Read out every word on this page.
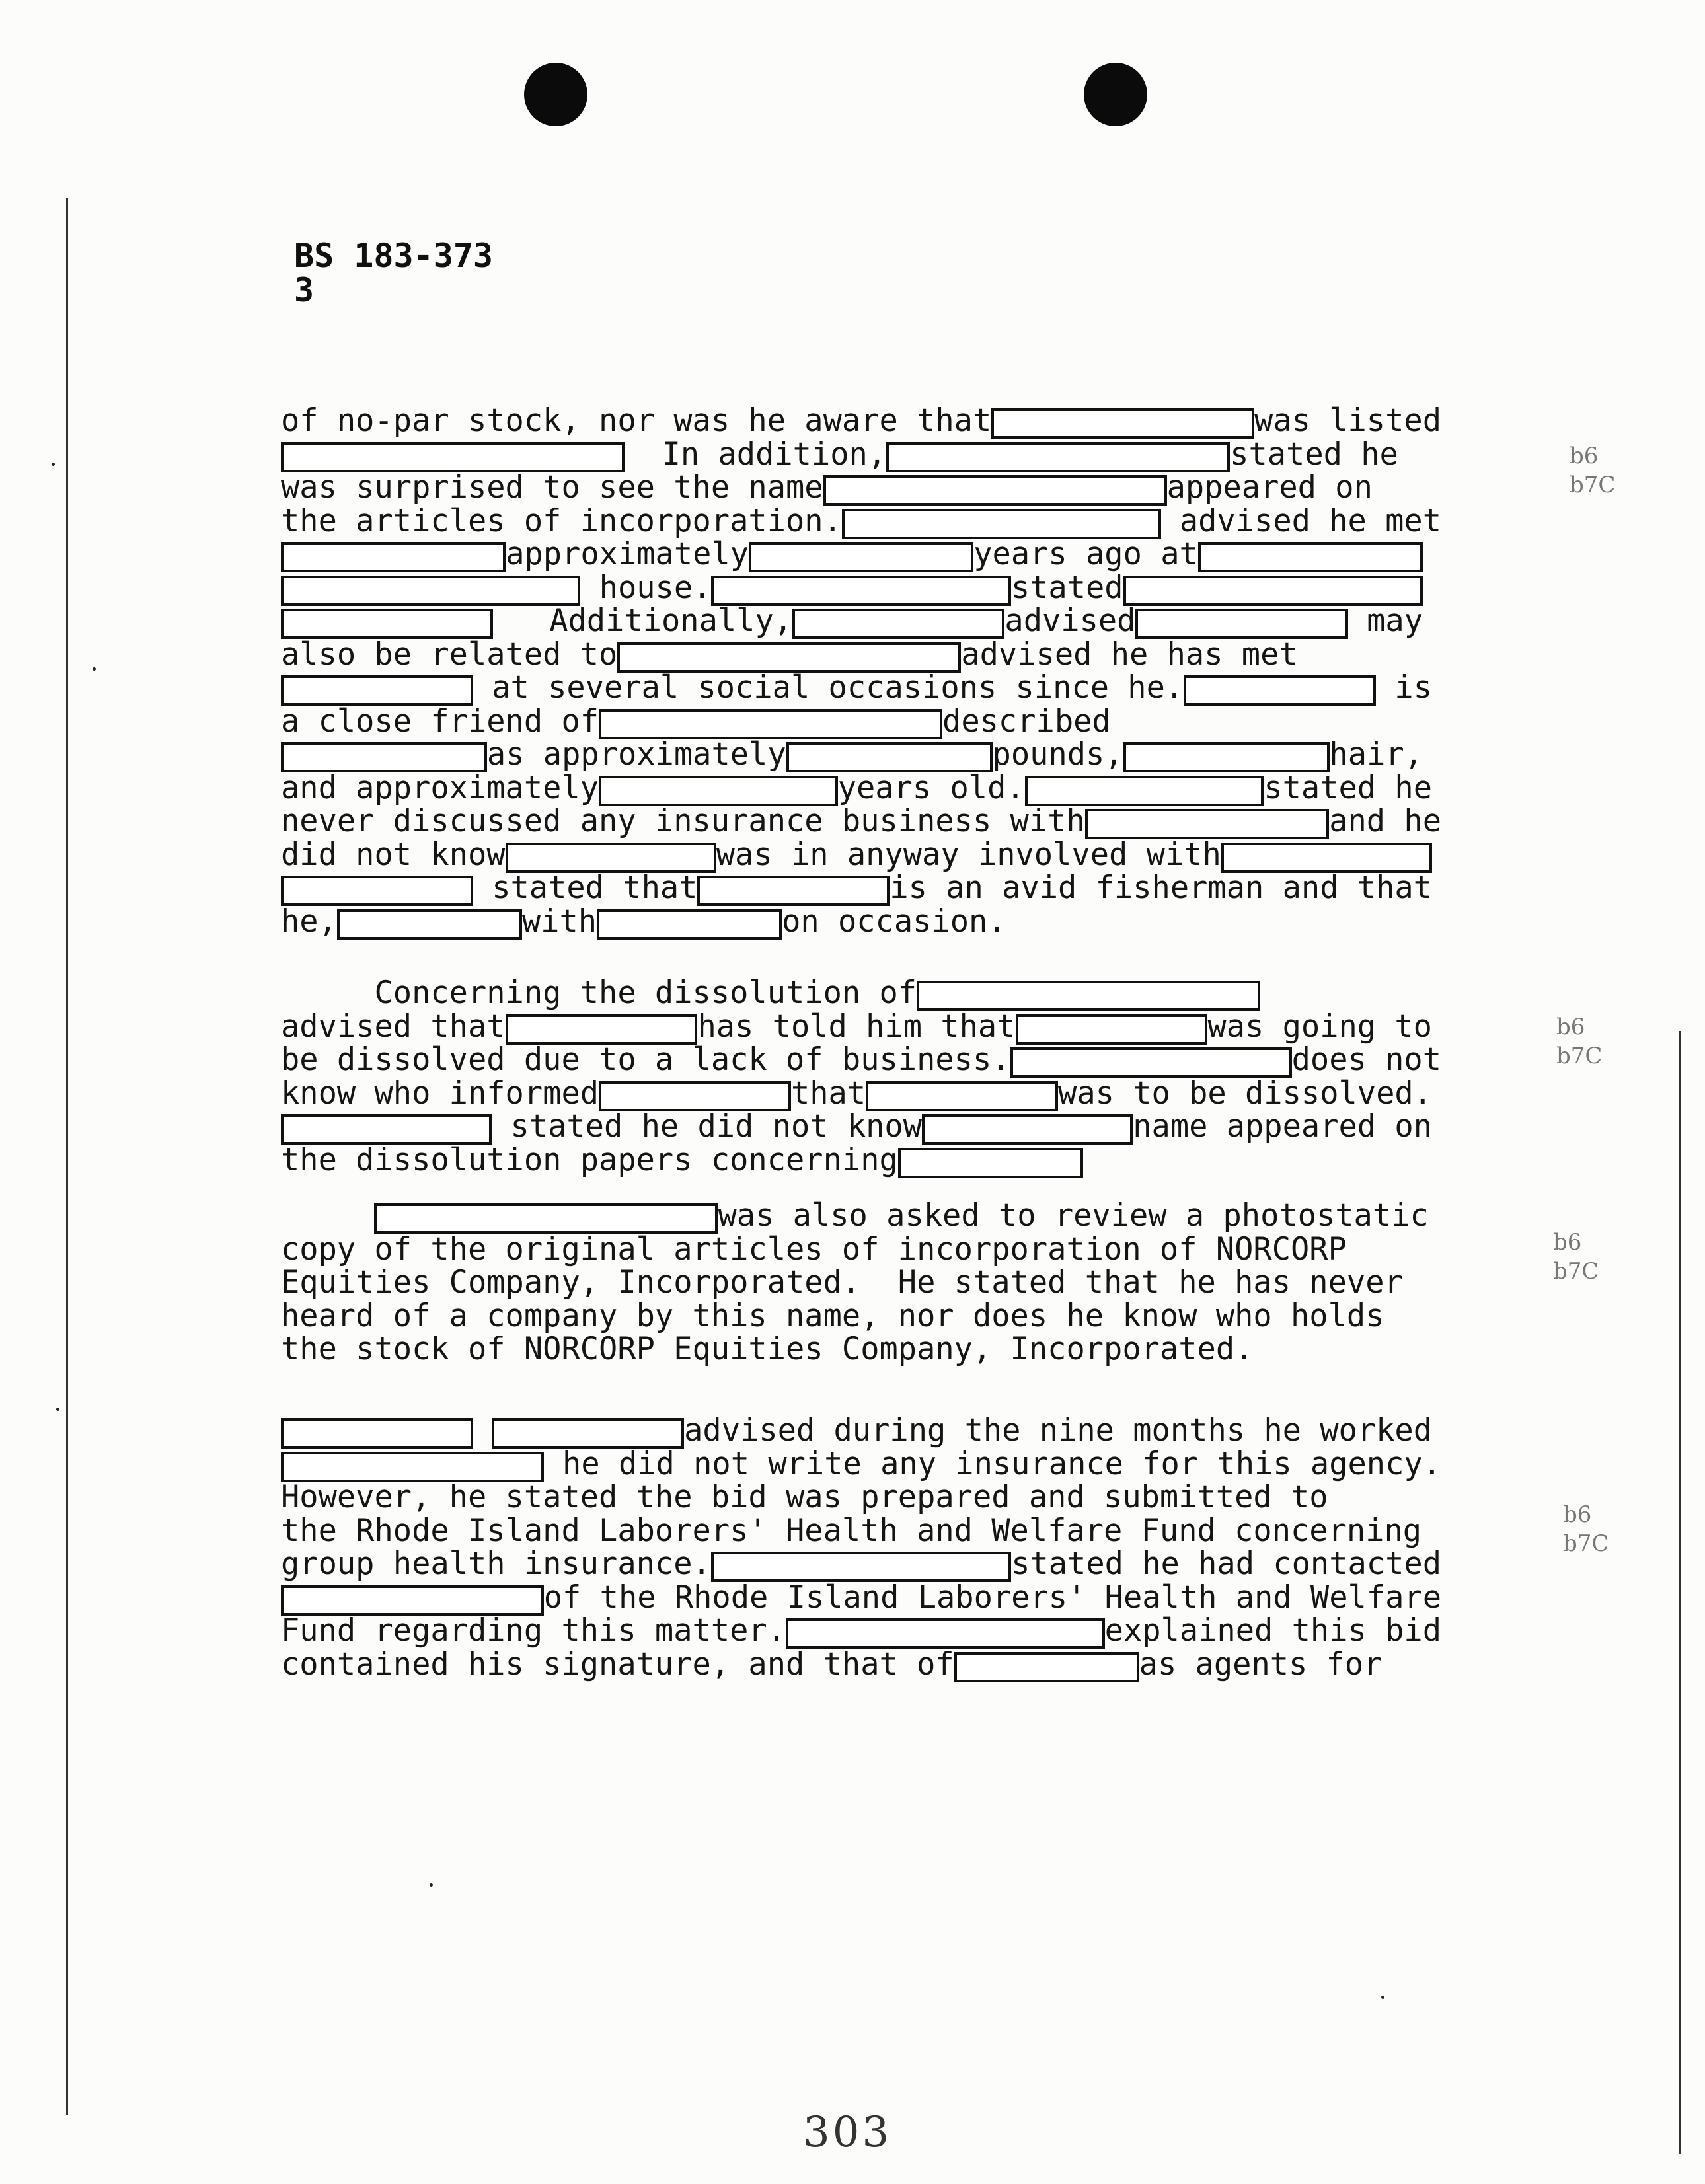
BS 183-373
3

of no-par stock, nor was he aware that	was listed

In addition,	stated he

was surprised to see the name	appeared on

the articles of incorporation.	advised he met

approximately	years ago at

house.	stated

Additionally,	advised	may

also be related to	advised he has met

at several social occasions since he.	is

a close friend of	described

as approximately	pounds,	hair,

and approximately	years old.	stated he

never discussed any insurance business with	and he

did not know	was in anyway involved with

stated that	is an avid fisherman and that

he,	with	on occasion.

Concerning the dissolution of

advised that	has told him that	was going to

be dissolved due to a lack of business.	does not

know who informed	that	was to be dissolved.

stated he did not know	name appeared on

the dissolution papers concerning

was also asked to review a photostatic

copy of the original articles of incorporation of NORCORP

Equities Company, Incorporated.  He stated that he has never

heard of a company by this name, nor does he know who holds

the stock of NORCORP Equities Company, Incorporated.

advised during the nine months he worked

he did not write any insurance for this agency.

However, he stated the bid was prepared and submitted to

the Rhode Island Laborers' Health and Welfare Fund concerning

group health insurance.	stated he had contacted

of the Rhode Island Laborers' Health and Welfare

Fund regarding this matter.	explained this bid

contained his signature, and that of	as agents for

b6
b7C
b6
b7C
b6
b7C
b6
b7C
303
